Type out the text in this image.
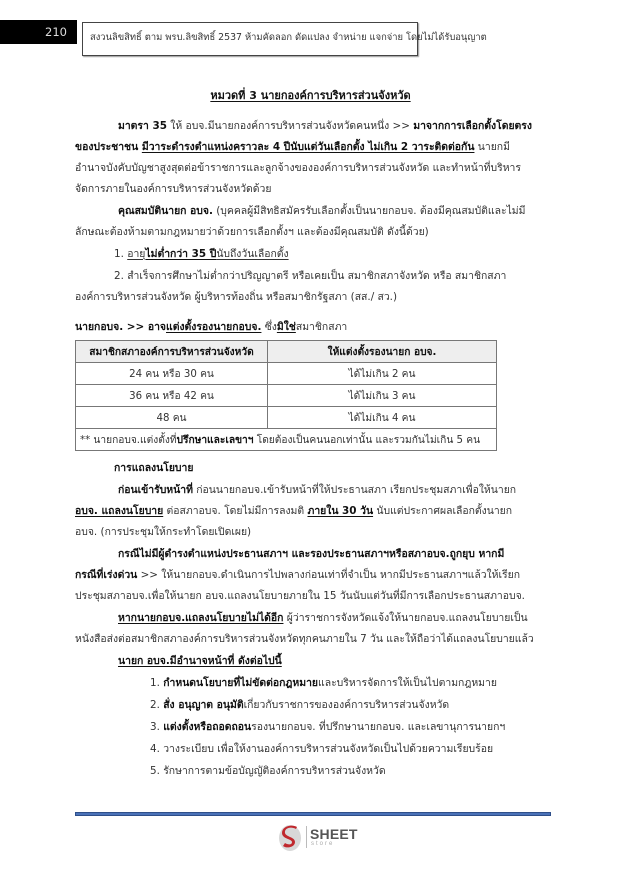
210	สงวนลิขสิทธิ์ ตาม พรบ.ลิขสิทธิ์ 2537 ห้ามคัดลอก ดัดแปลง จำหน่าย แจกจ่าย โดยไม่ได้รับอนุญาต
หมวดที่ 3 นายกองค์การบริหารส่วนจังหวัด
มาตรา 35 ให้ อบจ.มีนายกองค์การบริหารส่วนจังหวัดคนหนึ่ง >> มาจากการเลือกตั้งโดยตรง
ของประชาชน มีวาระดำรงตำแหน่งคราวละ 4 ปีนับแต่วันเลือกตั้ง ไม่เกิน 2 วาระติดต่อกัน นายกมี
อำนาจบังคับบัญชาสูงสุดต่อข้าราชการและลูกจ้างขององค์การบริหารส่วนจังหวัด และทำหน้าที่บริหาร
จัดการภายในองค์การบริหารส่วนจังหวัดด้วย
คุณสมบัตินายก อบจ. (บุคคลผู้มีสิทธิสมัครรับเลือกตั้งเป็นนายกอบจ. ต้องมีคุณสมบัติและไม่มี
ลักษณะต้องห้ามตามกฎหมายว่าด้วยการเลือกตั้งฯ และต้องมีคุณสมบัติ ดังนี้ด้วย)
1. อายุไม่ต่ำกว่า 35 ปีนับถึงวันเลือกตั้ง
2. สำเร็จการศึกษาไม่ต่ำกว่าปริญญาตรี หรือเคยเป็น สมาชิกสภาจังหวัด หรือ สมาชิกสภา
องค์การบริหารส่วนจังหวัด ผู้บริหารท้องถิ่น หรือสมาชิกรัฐสภา (สส./ สว.)
นายกอบจ. >> อาจแต่งตั้งรองนายกอบจ. ซึ่งมิใช่สมาชิกสภา
สมาชิกสภาองค์การบริหารส่วนจังหวัด	ให้แต่งตั้งรองนายก อบจ.
24 คน หรือ 30 คน	ได้ไม่เกิน 2 คน
36 คน หรือ 42 คน	ได้ไม่เกิน 3 คน
48 คน	ได้ไม่เกิน 4 คน
** นายกอบจ.แต่งตั้งที่ปรึกษาและเลขาฯ โดยต้องเป็นคนนอกเท่านั้น และรวมกันไม่เกิน 5 คน	
การแถลงนโยบาย
ก่อนเข้ารับหน้าที่ ก่อนนายกอบจ.เข้ารับหน้าที่ให้ประธานสภา เรียกประชุมสภาเพื่อให้นายก
อบจ. แถลงนโยบาย ต่อสภาอบจ. โดยไม่มีการลงมติ ภายใน 30 วัน นับแต่ประกาศผลเลือกตั้งนายก
อบจ. (การประชุมให้กระทำโดยเปิดเผย)
กรณีไม่มีผู้ดำรงตำแหน่งประธานสภาฯ และรองประธานสภาฯหรือสภาอบจ.ถูกยุบ หากมี
กรณีที่เร่งด่วน >> ให้นายกอบจ.ดำเนินการไปพลางก่อนเท่าที่จำเป็น หากมีประธานสภาฯแล้วให้เรียก
ประชุมสภาอบจ.เพื่อให้นายก อบจ.แถลงนโยบายภายใน 15 วันนับแต่วันที่มีการเลือกประธานสภาอบจ.
หากนายกอบจ.แถลงนโยบายไม่ได้อีก ผู้ว่าราชการจังหวัดแจ้งให้นายกอบจ.แถลงนโยบายเป็น
หนังสือส่งต่อสมาชิกสภาองค์การบริหารส่วนจังหวัดทุกคนภายใน 7 วัน และให้ถือว่าได้แถลงนโยบายแล้ว
นายก อบจ.มีอำนาจหน้าที่ ดังต่อไปนี้
1. กำหนดนโยบายที่ไม่ขัดต่อกฎหมายและบริหารจัดการให้เป็นไปตามกฎหมาย
2. สั่ง อนุญาต อนุมัติเกี่ยวกับราชการขององค์การบริหารส่วนจังหวัด
3. แต่งตั้งหรือถอดถอนรองนายกอบจ. ที่ปรึกษานายกอบจ. และเลขานุการนายกฯ
4. วางระเบียบ เพื่อให้งานองค์การบริหารส่วนจังหวัดเป็นไปด้วยความเรียบร้อย
5. รักษาการตามข้อบัญญัติองค์การบริหารส่วนจังหวัด
SHEET
store
